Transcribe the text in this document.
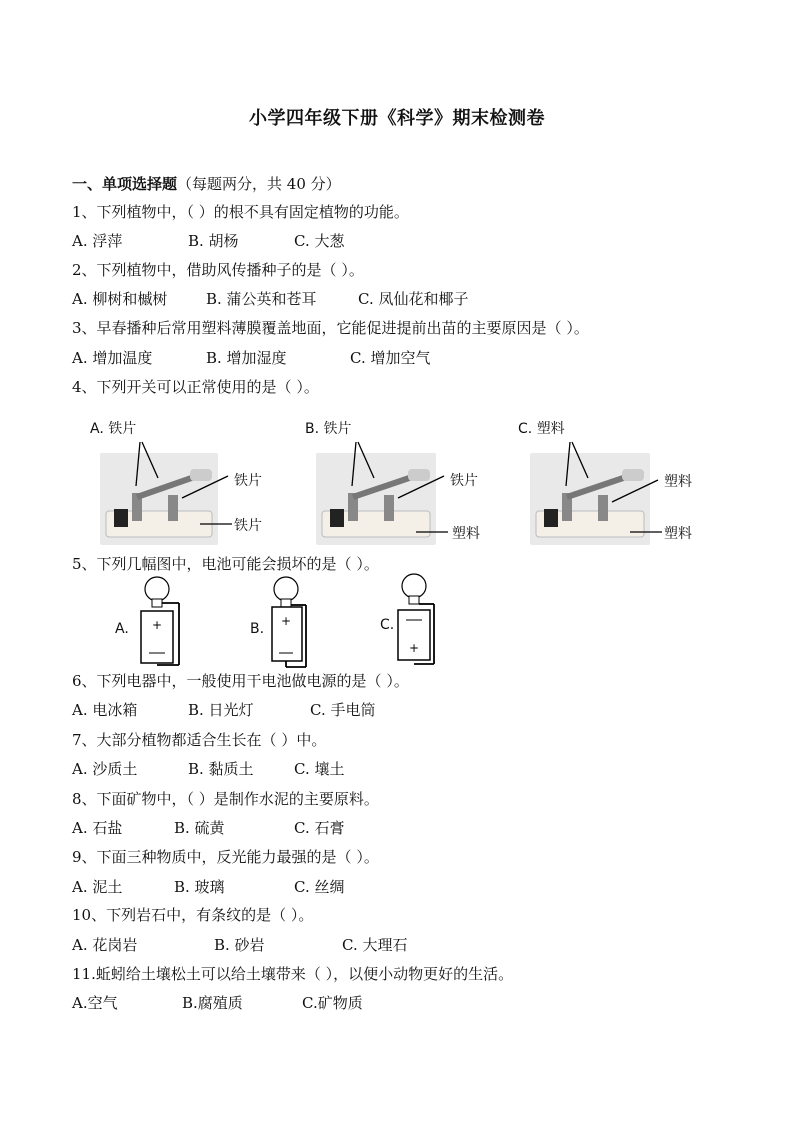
小学四年级下册《科学》期末检测卷
一、单项选择题（每题两分，共 40 分）
1、下列植物中，（ ）的根不具有固定植物的功能。
A. 浮萍	B. 胡杨	C. 大葱
2、下列植物中，借助风传播种子的是（ ）。
A. 柳树和槭树	B. 蒲公英和苍耳	C. 凤仙花和椰子
3、早春播种后常用塑料薄膜覆盖地面，它能促进提前出苗的主要原因是（ ）。
A. 增加温度	B. 增加湿度	C. 增加空气
4、下列开关可以正常使用的是（ ）。
A. 铁片
铁片
铁片
B. 铁片
铁片
塑料
C. 塑料
塑料
塑料
5、下列几幅图中，电池可能会损坏的是（ ）。
A. +	B. +	C.
+
6、下列电器中，一般使用干电池做电源的是（ ）。
A. 电冰箱	B. 日光灯	C. 手电筒
7、大部分植物都适合生长在（ ）中。
A. 沙质土	B. 黏质土	C. 壤土
8、下面矿物中，（ ）是制作水泥的主要原料。
A. 石盐	B. 硫黄	C. 石膏
9、下面三种物质中，反光能力最强的是（ ）。
A. 泥土	B. 玻璃	C. 丝绸
10、下列岩石中，有条纹的是（ ）。
A. 花岗岩	B. 砂岩	C. 大理石
11.蚯蚓给土壤松土可以给土壤带来（ ），以便小动物更好的生活。
A.空气	B.腐殖质	C.矿物质
